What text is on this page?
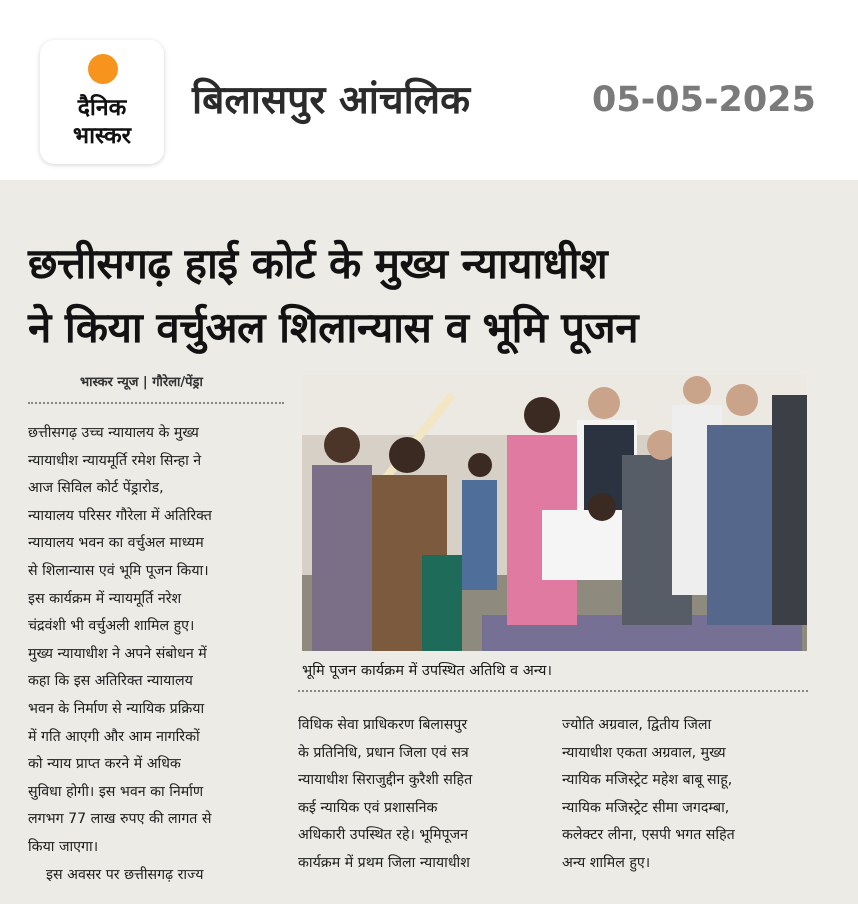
दैनिक
भास्कर
बिलासपुर आंचलिक	05-05-2025
छत्तीसगढ़ हाई कोर्ट के मुख्य न्यायाधीश
ने किया वर्चुअल शिलान्यास व भूमि पूजन
भास्कर न्यूज | गौरेला/पेंड्रा
छत्तीसगढ़ उच्च न्यायालय के मुख्य
न्यायाधीश न्यायमूर्ति रमेश सिन्हा ने
आज सिविल कोर्ट पेंड्रारोड,
न्यायालय परिसर गौरेला में अतिरिक्त
न्यायालय भवन का वर्चुअल माध्यम
से शिलान्यास एवं भूमि पूजन किया।
इस कार्यक्रम में न्यायमूर्ति नरेश
चंद्रवंशी भी वर्चुअली शामिल हुए।
मुख्य न्यायाधीश ने अपने संबोधन में
कहा कि इस अतिरिक्त न्यायालय
भवन के निर्माण से न्यायिक प्रक्रिया
में गति आएगी और आम नागरिकों
को न्याय प्राप्त करने में अधिक
सुविधा होगी। इस भवन का निर्माण
लगभग 77 लाख रुपए की लागत से
किया जाएगा।
इस अवसर पर छत्तीसगढ़ राज्य
भूमि पूजन कार्यक्रम में उपस्थित अतिथि व अन्य।
विधिक सेवा प्राधिकरण बिलासपुर
के प्रतिनिधि, प्रधान जिला एवं सत्र
न्यायाधीश सिराजुद्दीन कुरैशी सहित
कई न्यायिक एवं प्रशासनिक
अधिकारी उपस्थित रहे। भूमिपूजन
कार्यक्रम में प्रथम जिला न्यायाधीश
ज्योति अग्रवाल, द्वितीय जिला
न्यायाधीश एकता अग्रवाल, मुख्य
न्यायिक मजिस्ट्रेट महेश बाबू साहू,
न्यायिक मजिस्ट्रेट सीमा जगदम्बा,
कलेक्टर लीना, एसपी भगत सहित
अन्य शामिल हुए।
